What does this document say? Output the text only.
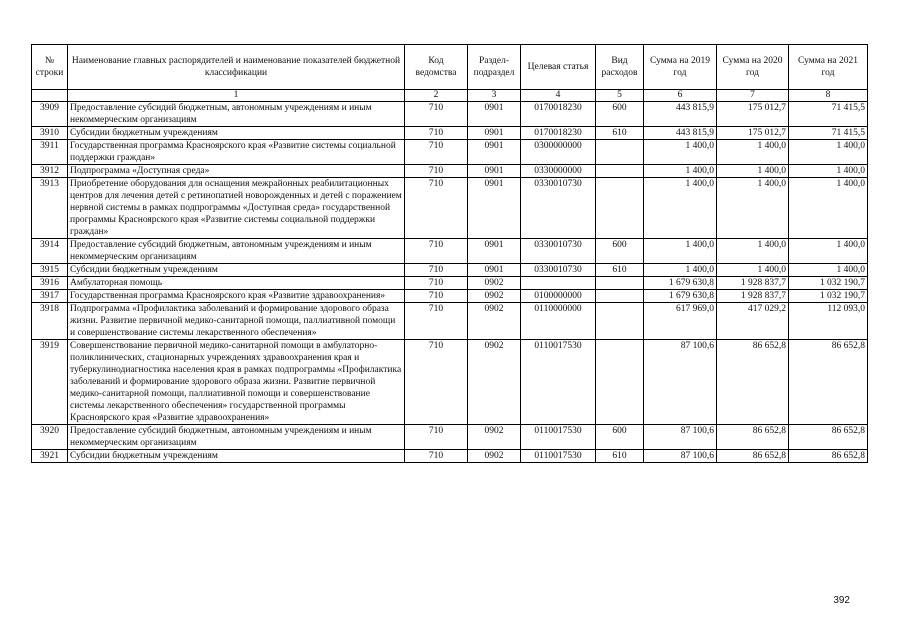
№ строки	Наименование главных распорядителей и наименование показателей бюджетной классификации	Код ведомства	Раздел-подраздел	Целевая статья	Вид расходов	Сумма на 2019 год	Сумма на 2020 год	Сумма на 2021 год
	1	2	3	4	5	6	7	8
3909	Предоставление субсидий бюджетным, автономным учреждениям и иным некоммерческим организациям	710	0901	0170018230	600	443 815,9	175 012,7	71 415,5
3910	Субсидии бюджетным учреждениям	710	0901	0170018230	610	443 815,9	175 012,7	71 415,5
3911	Государственная программа Красноярского края «Развитие системы социальной поддержки граждан»	710	0901	0300000000		1 400,0	1 400,0	1 400,0
3912	Подпрограмма «Доступная среда»	710	0901	0330000000		1 400,0	1 400,0	1 400,0
3913	Приобретение оборудования для оснащения межрайонных реабилитационных центров для лечения детей с ретинопатией новорожденных и детей с поражением нервной системы в рамках подпрограммы «Доступная среда» государственной программы Красноярского края «Развитие системы социальной поддержки граждан»	710	0901	0330010730		1 400,0	1 400,0	1 400,0
3914	Предоставление субсидий бюджетным, автономным учреждениям и иным некоммерческим организациям	710	0901	0330010730	600	1 400,0	1 400,0	1 400,0
3915	Субсидии бюджетным учреждениям	710	0901	0330010730	610	1 400,0	1 400,0	1 400,0
3916	Амбулаторная помощь	710	0902			1 679 630,8	1 928 837,7	1 032 190,7
3917	Государственная программа Красноярского края «Развитие здравоохранения»	710	0902	0100000000		1 679 630,8	1 928 837,7	1 032 190,7
3918	Подпрограмма «Профилактика заболеваний и формирование здорового образа жизни. Развитие первичной медико-санитарной помощи, паллиативной помощи и совершенствование системы лекарственного обеспечения»	710	0902	0110000000		617 969,0	417 029,2	112 093,0
3919	Совершенствование первичной медико-санитарной помощи в амбулаторно-поликлинических, стационарных учреждениях здравоохранения края и туберкулинодиагностика населения края в рамках подпрограммы «Профилактика заболеваний и формирование здорового образа жизни. Развитие первичной медико-санитарной помощи, паллиативной помощи и совершенствование системы лекарственного обеспечения» государственной программы Красноярского края «Развитие здравоохранения»	710	0902	0110017530		87 100,6	86 652,8	86 652,8
3920	Предоставление субсидий бюджетным, автономным учреждениям и иным некоммерческим организациям	710	0902	0110017530	600	87 100,6	86 652,8	86 652,8
3921	Субсидии бюджетным учреждениям	710	0902	0110017530	610	87 100,6	86 652,8	86 652,8
392
